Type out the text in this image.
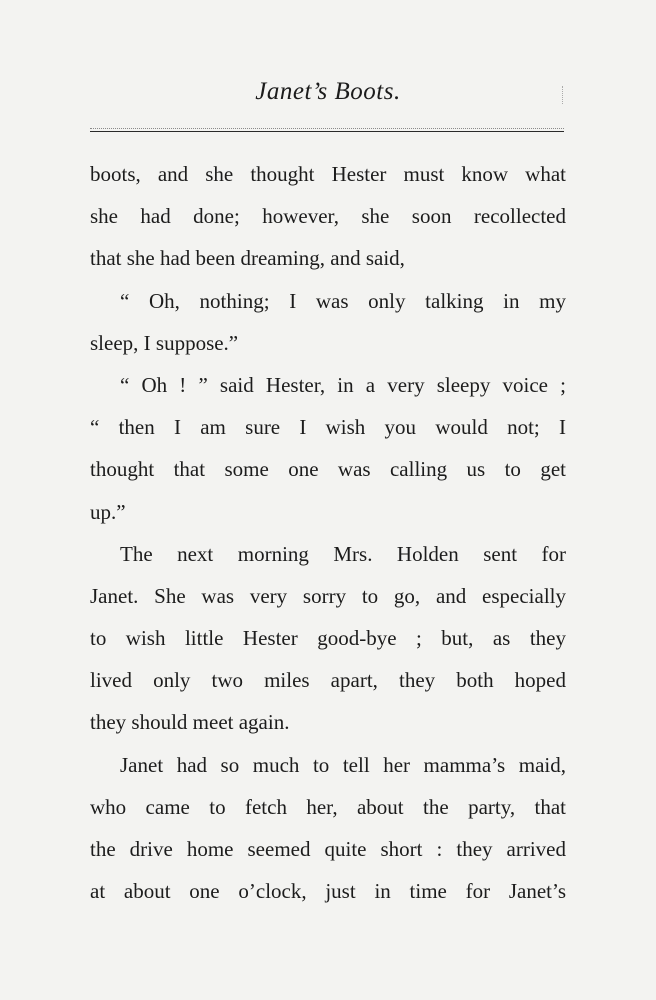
Janet’s Boots.
boots, and she thought Hester must know what
she had done; however, she soon recollected
that she had been dreaming, and said,
“ Oh, nothing; I was only talking in my
sleep, I suppose.”
“ Oh ! ” said Hester, in a very sleepy voice ;
“ then I am sure I wish you would not; I
thought that some one was calling us to get
up.”
The next morning Mrs. Holden sent for
Janet. She was very sorry to go, and especially
to wish little Hester good-bye ; but, as they
lived only two miles apart, they both hoped
they should meet again.
Janet had so much to tell her mamma’s maid,
who came to fetch her, about the party, that
the drive home seemed quite short : they arrived
at about one o’clock, just in time for Janet’s
